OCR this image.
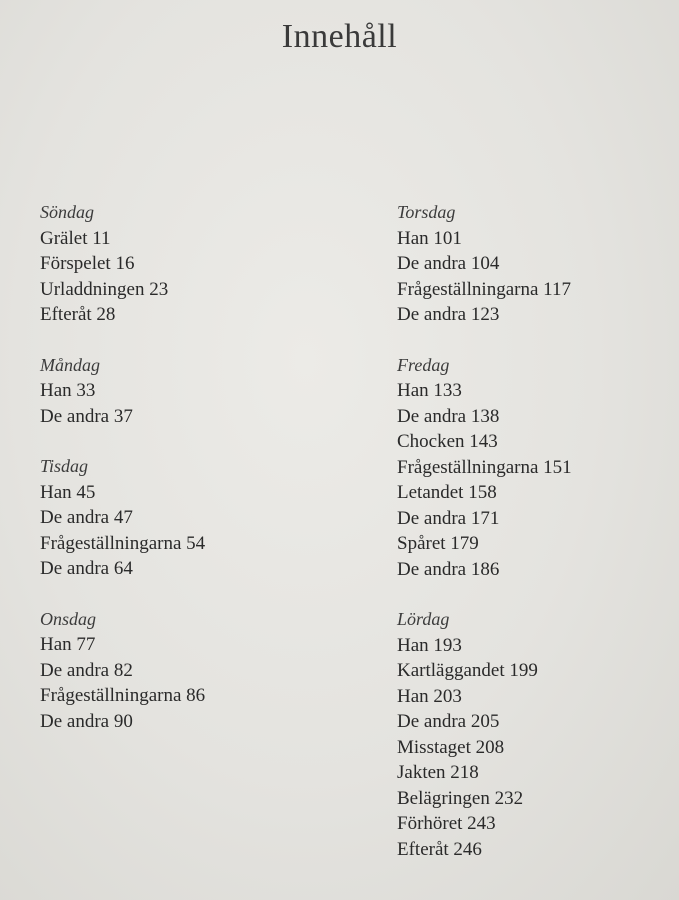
Innehåll
Söndag
Grälet 11
Förspelet 16
Urladdningen 23
Efteråt 28
Måndag
Han 33
De andra 37
Tisdag
Han 45
De andra 47
Frågeställningarna 54
De andra 64
Onsdag
Han 77
De andra 82
Frågeställningarna 86
De andra 90
Torsdag
Han 101
De andra 104
Frågeställningarna 117
De andra 123
Fredag
Han 133
De andra 138
Chocken 143
Frågeställningarna 151
Letandet 158
De andra 171
Spåret 179
De andra 186
Lördag
Han 193
Kartläggandet 199
Han 203
De andra 205
Misstaget 208
Jakten 218
Belägringen 232
Förhöret 243
Efteråt 246
